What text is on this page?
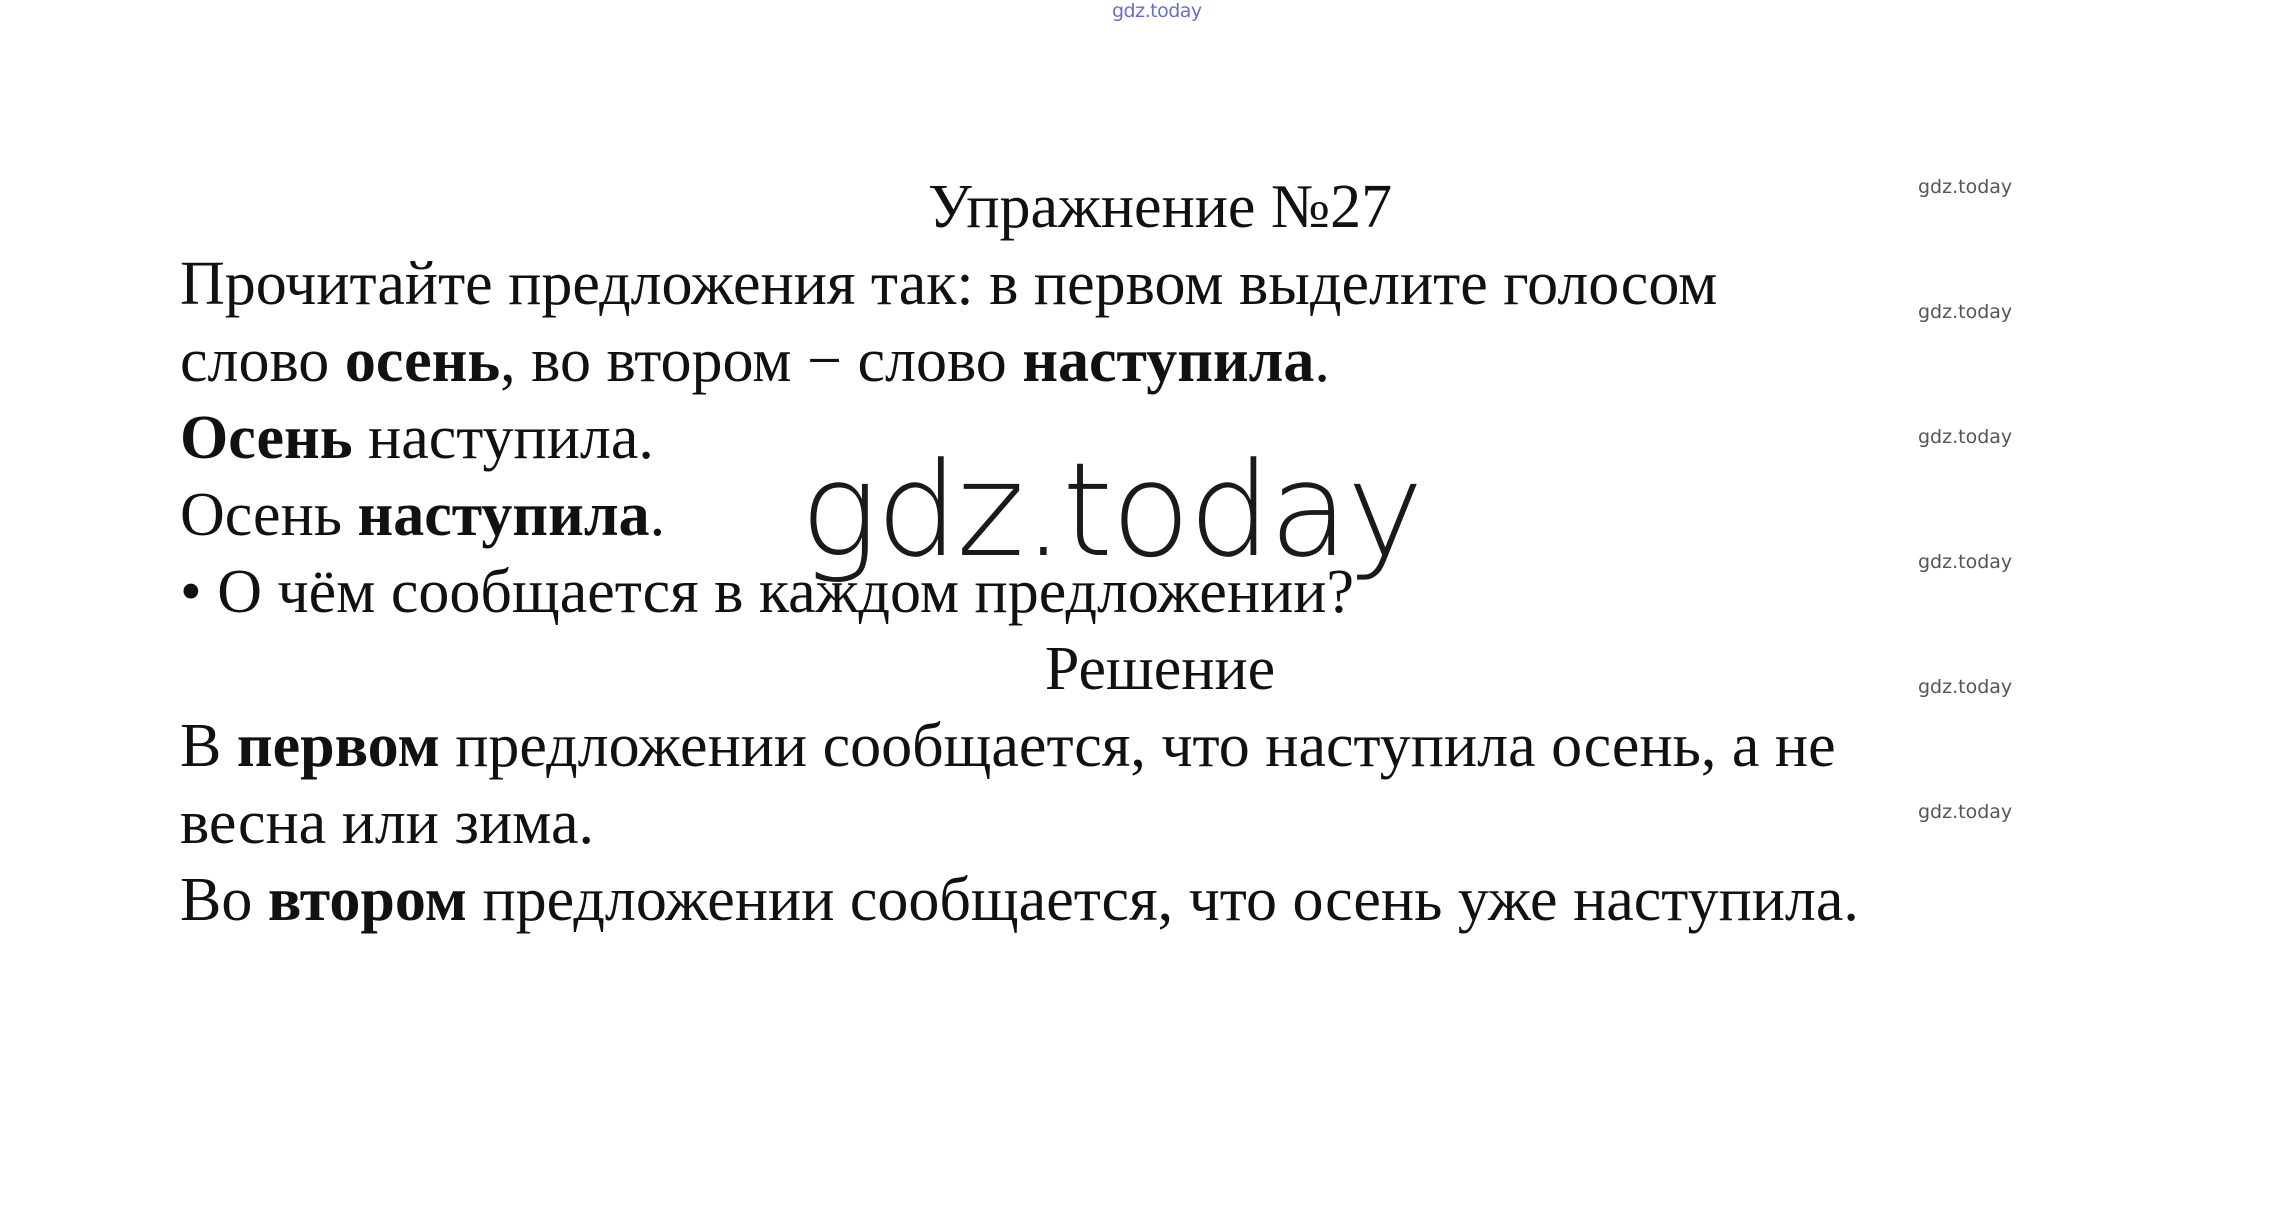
gdz.today
gdz.today
gdz.today
gdz.today
gdz.today
gdz.today
gdz.today
Упражнение №27
Прочитайте предложения так: в первом выделите голосом
слово осень, во втором − слово наступила.
Осень наступила.
Осень наступила.
• О чём сообщается в каждом предложении?
Решение
В первом предложении сообщается, что наступила осень, а не
весна или зима.
Во втором предложении сообщается, что осень уже наступила.
gdz.today
